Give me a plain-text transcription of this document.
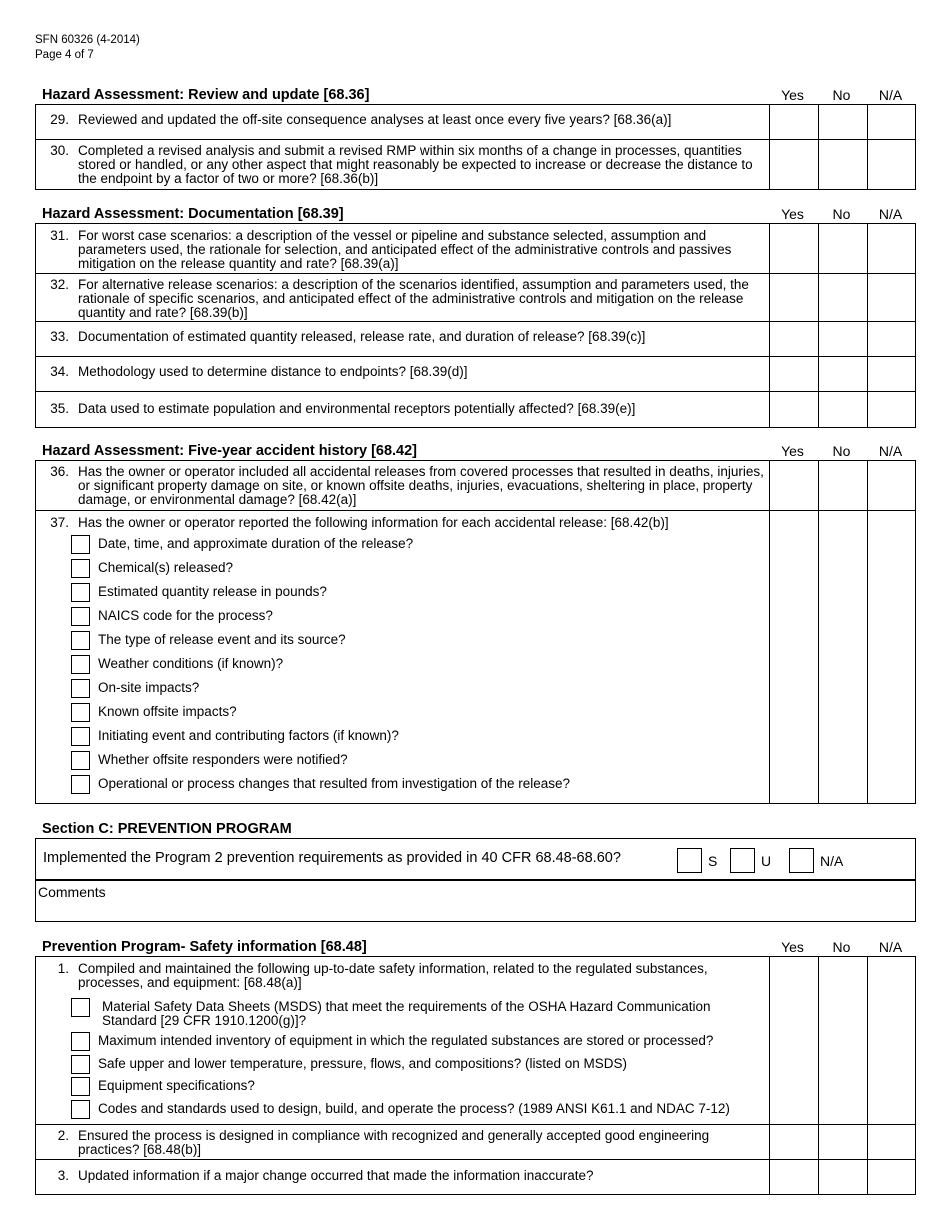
SFN 60326 (4-2014)
Page 4 of 7
Hazard Assessment: Review and update [68.36]	Yes	No	N/A
29. Reviewed and updated the off-site consequence analyses at least once every five years? [68.36(a)]
30. Completed a revised analysis and submit a revised RMP within six months of a change in processes, quantities stored or handled, or any other aspect that might reasonably be expected to increase or decrease the distance to the endpoint by a factor of two or more? [68.36(b)]
Hazard Assessment: Documentation [68.39]	Yes	No	N/A
31. For worst case scenarios: a description of the vessel or pipeline and substance selected, assumption and parameters used, the rationale for selection, and anticipated effect of the administrative controls and passives mitigation on the release quantity and rate? [68.39(a)]
32. For alternative release scenarios: a description of the scenarios identified, assumption and parameters used, the rationale of specific scenarios, and anticipated effect of the administrative controls and mitigation on the release quantity and rate? [68.39(b)]
33. Documentation of estimated quantity released, release rate, and duration of release? [68.39(c)]
34. Methodology used to determine distance to endpoints? [68.39(d)]
35. Data used to estimate population and environmental receptors potentially affected? [68.39(e)]
Hazard Assessment: Five-year accident history [68.42]	Yes	No	N/A
36. Has the owner or operator included all accidental releases from covered processes that resulted in deaths, injuries, or significant property damage on site, or known offsite deaths, injuries, evacuations, sheltering in place, property damage, or environmental damage? [68.42(a)]
37. Has the owner or operator reported the following information for each accidental release: [68.42(b)]
Date, time, and approximate duration of the release?
Chemical(s) released?
Estimated quantity release in pounds?
NAICS code for the process?
The type of release event and its source?
Weather conditions (if known)?
On-site impacts?
Known offsite impacts?
Initiating event and contributing factors (if known)?
Whether offsite responders were notified?
Operational or process changes that resulted from investigation of the release?
Section C: PREVENTION PROGRAM
Implemented the Program 2 prevention requirements as provided in 40 CFR 68.48-68.60?	S	U	N/A
Comments
Prevention Program- Safety information [68.48]	Yes	No	N/A
1. Compiled and maintained the following up-to-date safety information, related to the regulated substances, processes, and equipment: [68.48(a)]
Material Safety Data Sheets (MSDS) that meet the requirements of the OSHA Hazard Communication Standard [29 CFR 1910.1200(g)]?
Maximum intended inventory of equipment in which the regulated substances are stored or processed?
Safe upper and lower temperature, pressure, flows, and compositions? (listed on MSDS)
Equipment specifications?
Codes and standards used to design, build, and operate the process? (1989 ANSI K61.1 and NDAC 7-12)
2. Ensured the process is designed in compliance with recognized and generally accepted good engineering practices? [68.48(b)]
3. Updated information if a major change occurred that made the information inaccurate?
